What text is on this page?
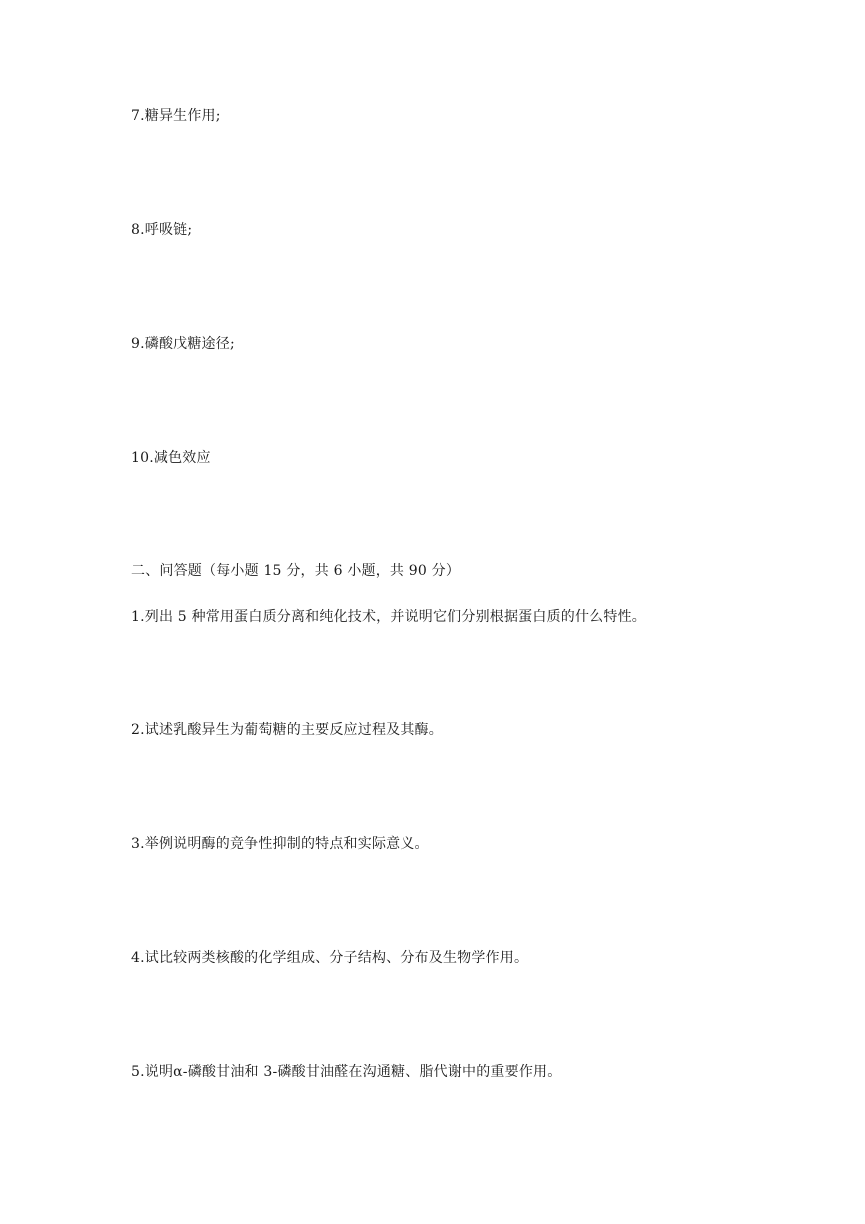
7.糖异生作用;
8.呼吸链;
9.磷酸戊糖途径;
10.减色效应
二、问答题（每小题 15 分，共 6 小题，共 90 分）
1.列出 5 种常用蛋白质分离和纯化技术，并说明它们分别根据蛋白质的什么特性。
2.试述乳酸异生为葡萄糖的主要反应过程及其酶。
3.举例说明酶的竞争性抑制的特点和实际意义。
4.试比较两类核酸的化学组成、分子结构、分布及生物学作用。
5.说明α-磷酸甘油和 3-磷酸甘油醛在沟通糖、脂代谢中的重要作用。
